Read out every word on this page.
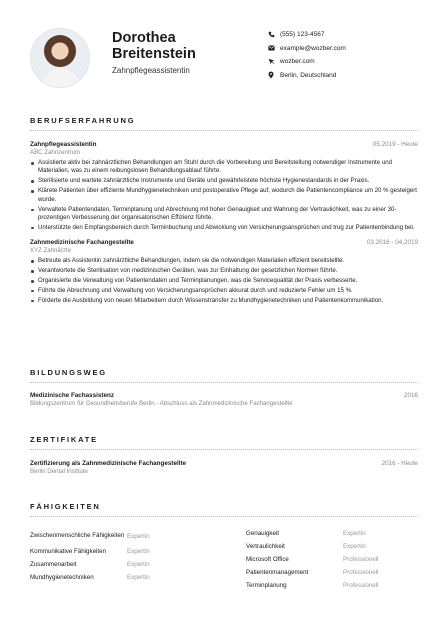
Dorothea Breitenstein
Zahnpflegeassistentin
(555) 123-4567
example@wozber.com
wozber.com
Berlin, Deutschland
BERUFSERFAHRUNG
Zahnpflegeassistentin	05.2019 - Heute
ABC Zahnzentrum
Assistierte aktiv bei zahnärztlichen Behandlungen am Stuhl durch die Vorbereitung und Bereitstellung notwendiger Instrumente und Materialien, was zu einem reibungslosen Behandlungsablauf führte.
Sterilisierte und wartete zahnärztliche Instrumente und Geräte und gewährleistete höchste Hygienestandards in der Praxis.
Klärete Patienten über effiziente Mundhygienetechniken und postoperative Pflege auf, wodurch die Patientencompliance um 20 % gesteigert wurde.
Verwaltete Patientendaten, Terminplanung und Abrechnung mit hoher Genauigkeit und Wahrung der Vertraulichkeit, was zu einer 30-prozentigen Verbesserung der organisatorischen Effizienz führte.
Unterstützte den Empfangsbereich durch Terminbuchung und Abwicklung von Versicherungsansprüchen und trug zur Patientenbindung bei.
Zahnmedizinische Fachangestellte	03.2016 - 04.2019
XYZ Zahnärzte
Betreute als Assistentin zahnärztliche Behandlungen, indem sie die notwendigen Materialien effizient bereitstellte.
Verantwortete die Sterilisation von medizinischen Geräten, was zur Einhaltung der gesetzlichen Normen führte.
Organisierte die Verwaltung von Patientendaten und Terminplanungen, was die Servicequalität der Praxis verbesserte.
Führte die Abrechnung und Verwaltung von Versicherungsansprüchen akkurat durch und reduzierte Fehler um 15 %.
Förderte die Ausbildung von neuen Mitarbeitern durch Wissenstransfer zu Mundhygienetechniken und Patientenkommunikation.
BILDUNGSWEG
Medizinische Fachassistenz	2016
Bildungszentrum für Gesundheitsberufe Berlin - Abschluss als Zahnmedizinische Fachangestellte
ZERTIFIKATE
Zertifizierung als Zahnmedizinische Fachangestellte	2016 - Heute
Berlin Dental Institute
FÄHIGKEITEN
Zwischenmenschliche Fähigkeiten Expertin
Kommunikative Fähigkeiten	Expertin
Zusammenarbeit	Expertin
Mundhygienetechniken	Expertin
Genauigkeit	Expertin
Vertraulichkeit	Expertin
Microsoft Office	Professionell
Patientenmanagement	Professionell
Terminplanung	Professionell
